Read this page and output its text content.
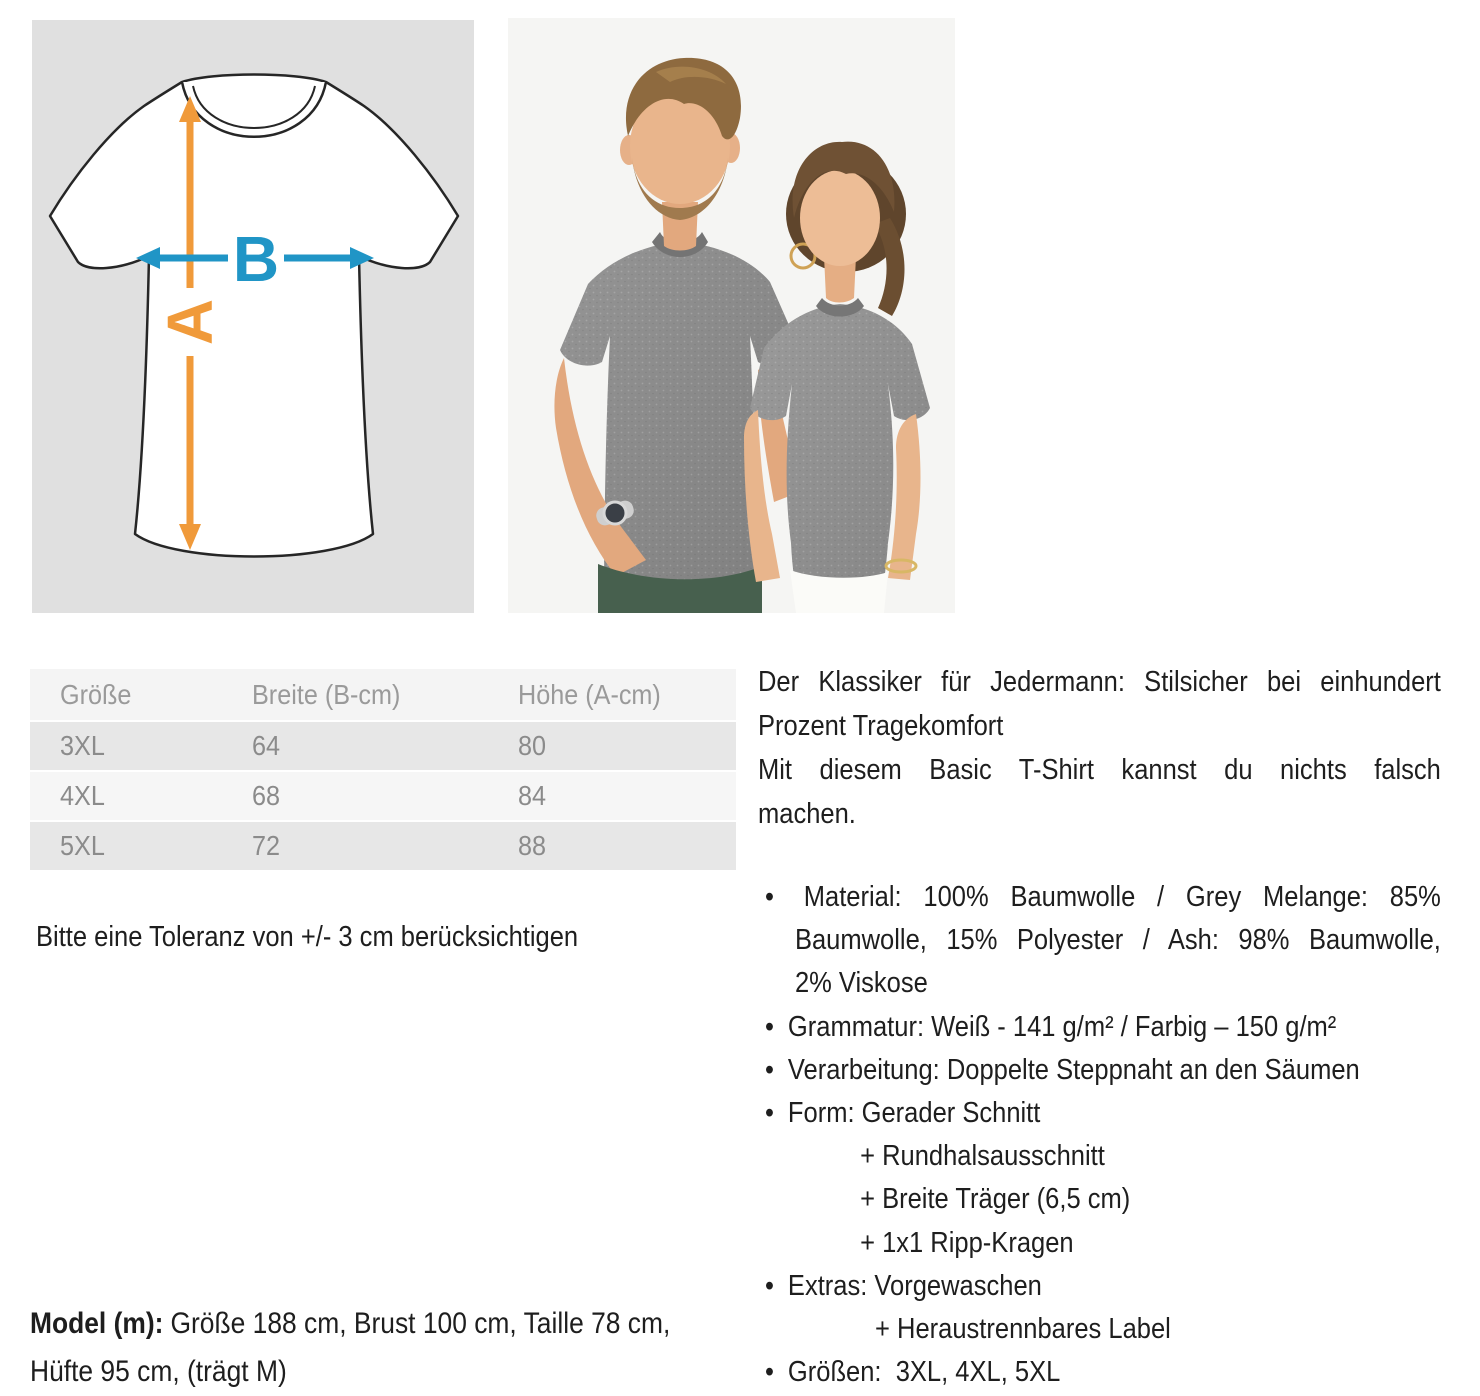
A
B
Größe	Breite (B-cm)	Höhe (A-cm)
3XL	64	80
4XL	68	84
5XL	72	88
Bitte eine Toleranz von +/- 3 cm berücksichtigen
Model (m): Größe 188 cm, Brust 100 cm, Taille 78 cm,
Hüfte 95 cm, (trägt M)
Der Klassiker für Jedermann: Stilsicher bei einhundert
Prozent Tragekomfort
Mit diesem Basic T-Shirt kannst du nichts falsch
machen.
•	Material: 100% Baumwolle / Grey Melange: 85%
Baumwolle, 15% Polyester / Ash: 98% Baumwolle,
2% Viskose
• Grammatur: Weiß - 141 g/m² / Farbig – 150 g/m²
• Verarbeitung: Doppelte Steppnaht an den Säumen
• Form: Gerader Schnitt
+ Rundhalsausschnitt
+ Breite Träger (6,5 cm)
+ 1x1 Ripp-Kragen
• Extras: Vorgewaschen
+ Heraustrennbares Label
• Größen:  3XL, 4XL, 5XL
